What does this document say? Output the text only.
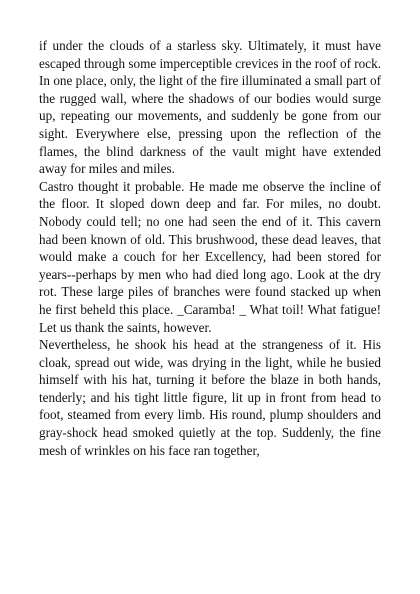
if under the clouds of a starless sky. Ultimately, it must have escaped through some imperceptible crevices in the roof of rock. In one place, only, the light of the fire illuminated a small part of the rugged wall, where the shadows of our bodies would surge up, repeating our movements, and suddenly be gone from our sight. Everywhere else, pressing upon the reflection of the flames, the blind darkness of the vault might have extended away for miles and miles.

Castro thought it probable. He made me observe the incline of the floor. It sloped down deep and far. For miles, no doubt. Nobody could tell; no one had seen the end of it. This cavern had been known of old. This brushwood, these dead leaves, that would make a couch for her Excellency, had been stored for years--perhaps by men who had died long ago. Look at the dry rot. These large piles of branches were found stacked up when he first beheld this place. _Caramba! _ What toil! What fatigue! Let us thank the saints, however.

Nevertheless, he shook his head at the strangeness of it. His cloak, spread out wide, was drying in the light, while he busied himself with his hat, turning it before the blaze in both hands, tenderly; and his tight little figure, lit up in front from head to foot, steamed from every limb. His round, plump shoulders and gray-shock head smoked quietly at the top. Suddenly, the fine mesh of wrinkles on his face ran together,
